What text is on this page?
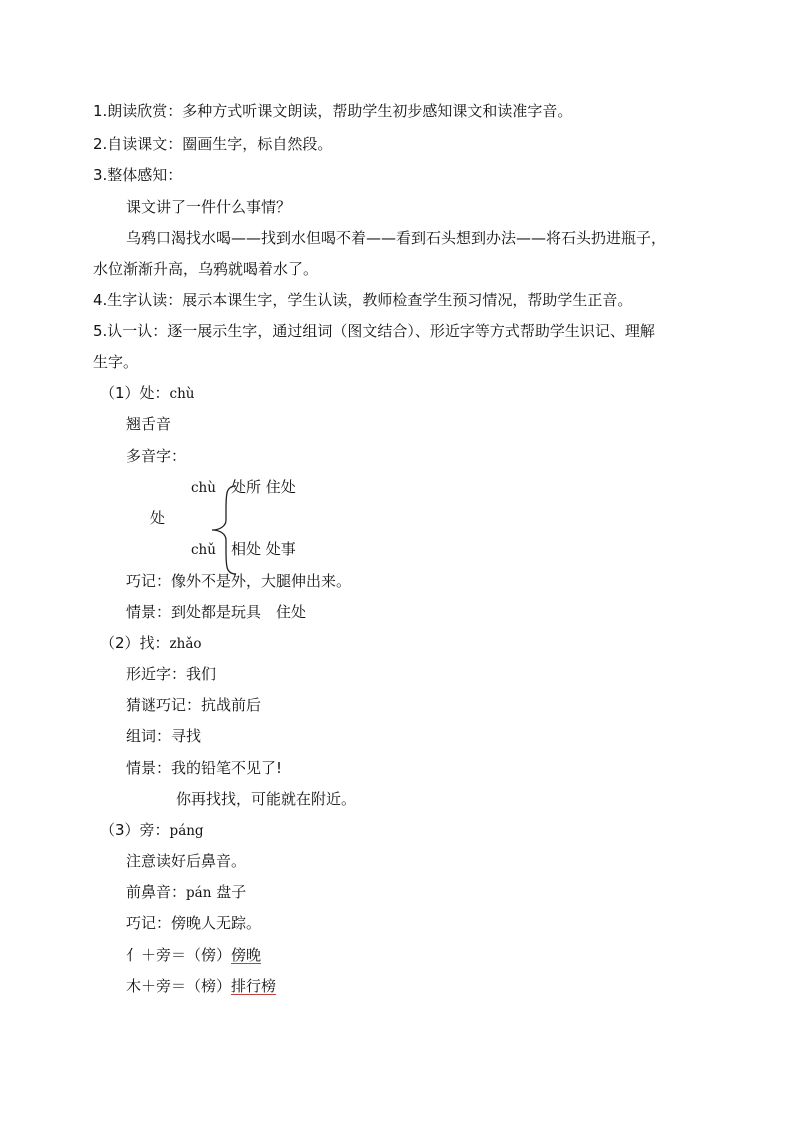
1.朗读欣赏：多种方式听课文朗读，帮助学生初步感知课文和读准字音。
2.自读课文：圈画生字，标自然段。
3.整体感知：
课文讲了一件什么事情？
乌鸦口渴找水喝——找到水但喝不着——看到石头想到办法——将石头扔进瓶子，
水位渐渐升高，乌鸦就喝着水了。
4.生字认读：展示本课生字，学生认读，教师检查学生预习情况，帮助学生正音。
5.认一认：逐一展示生字，通过组词（图文结合）、形近字等方式帮助学生识记、理解
生字。
（1）处：chù
翘舌音
多音字：
chù 处所 住处
处
chǔ 相处 处事
巧记：像外不是外，大腿伸出来。
情景：到处都是玩具　住处
（2）找：zhǎo
形近字：我们
猜谜巧记：抗战前后
组词：寻找
情景：我的铅笔不见了!
你再找找，可能就在附近。
（3）旁：páng
注意读好后鼻音。
前鼻音：pán 盘子
巧记：傍晚人无踪。
亻＋旁＝（傍）傍晚
木＋旁＝（榜）排行榜
